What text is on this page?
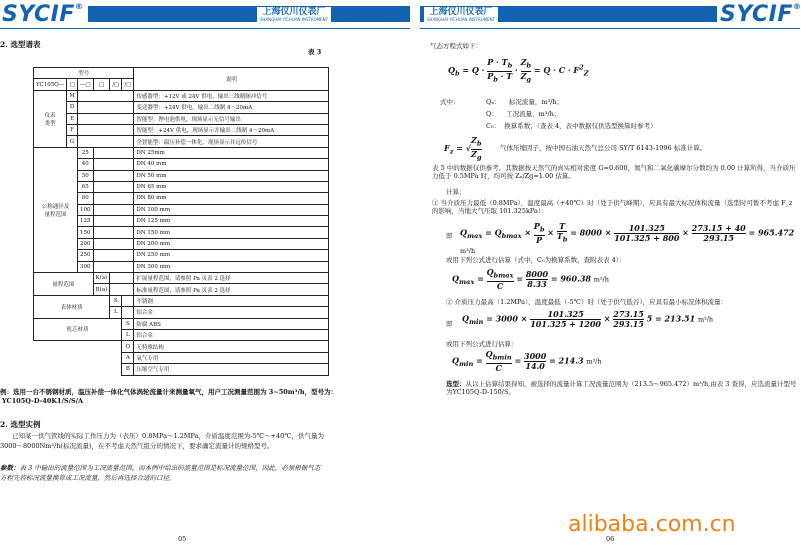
SYCIF®
上海仪川仪表厂
SHANGHAI YICHUAN INSTRUMENT
上海仪川仪表厂
SHANGHAI YICHUAN INSTRUMENT	SYCIF®
2. 选型谱表
表 3
型号						说明
YC105Q—	□	—□	□	/□	/□	
仪表
类型	M					传感器型：+12V 或 24V 供电，输出三线制脉冲信号
	D					变送器型：+24V 供电，输出二线制 4～20mA
	E					智能型：锂电池供电，现场显示无信号输出
	F					智能型：+24V 供电，现场显示并输出二线制 4～20mA
	G					全智能型：温压补偿一体化，现场显示并远传信号
公称通径及
量程范围		25				DN 25mm
		40				DN 40 mm
		50				DN 50 mm
		65				DN 65 mm
		80				DN 80 mm
		100				DN 100 mm
		125				DN 125 mm
		150				DN 150 mm
		200				DN 200 mm
		250				DN 250 mm
		300				DN 300 mm
量程范围			K(a)			扩展量程范围，请参照 Pa 页表 2 选择
			B(a)			标准量程范围，请参照 Pa 页表 2 选择
表体材质				S		不锈钢
				L		铝合金
机芯材质					S	防腐 ABS
					L	铝合金
					O	无特殊结构
					A	氧气专用
					B	压缩空气专用
例：选用一台不锈钢材质，温压补偿一体化气体涡轮流量计来测量氧气，用户工况测量范围为 3~50m³/h，型号为：
YC105Q-D-40K1/S/S/A
2. 选型实例
已知某一供气管线的实际工作压力为（表压）0.8MPa～1.2MPa，介质温度范围为-5℃～+40℃，供气量为
3000～8000Nm³/h(标况流量)，在不考虑天然气组分的情况下，要求确定流量计的规格型号。
参数：表 3 中输出的流量范围为工况流量范围，而本例中给出的流量范围是标况流量范围，因此，必须根据气态
方程先将标况流量换算成工况流量，然后再选择合适的口径。
05
气态方程式如下：
$Q_b = Q \cdot \frac{P \cdot T_b}{P_b \cdot T} \cdot \frac{Z_b}{Z_g} = Q \cdot C \cdot F^2_Z$
式中：	Qₙ： 标况流量，m³/h；
Q： 工况流量，m³/h；
C₀： 换算系数；（查表 4，表中数据仅供选型换算时参考）
$F_z$ = √ $\frac{Z_b}{Z_g}$	气体压缩因子，按中国石油天然气总公司 SY/T 6143-1996 标准计算。
表 5 中的数据仅供参考。其数据按天然气的真实相对密度 G=0.600，氮气和二氧化碳摩尔分数均为 0.00 计算所得，当介质压力低于 0.5MPa 时，均可按 Zₙ/Zg=1.00 估算。
计算：
① 当介质压力最低（0.8MPa），温度最高（+40℃）时（处于供气峰期），应具有最大标况体积流量（选型时可暂不考虑 F_z 的影响，当地大气压取 101.325kPa）：
即 $Q_{max} = Q_{bmax} \times \frac{P_b}{P} \times \frac{T}{T_b} = 8000 \times \frac{101.325}{101.325 + 800} \times \frac{273.15 + 40}{293.15} = 965.472$ m³/h
或用下列公式进行估算（式中，C₀为换算系数，查附表表 4）：
$Q_{max} = \frac{Q_{bmax}}{C} = \frac{8000}{8.33} = 960.38$ m³/h
② 介质压力最高（1.2MPa），温度最低（-5℃）时（处于供气低谷），应具有最小标况体积流量：
即
$Q_{min} = 3000 \times \frac{101.325}{101.325 + 1200} \times \frac{273.15}{293.15} 5 = 213.51$ m³/h
或用下列公式进行估算：
$Q_{min} = \frac{Q_{bmin}}{C} = \frac{3000}{14.0} = 214.3$ m³/h
选型：从以上估算结果得知，被选择的流量计算工况流量范围为（213.5～965.472）m³/h,由表 3 查得，应选流量计型号为YC105Q-D-150/S。
alibaba.com.cn
06
